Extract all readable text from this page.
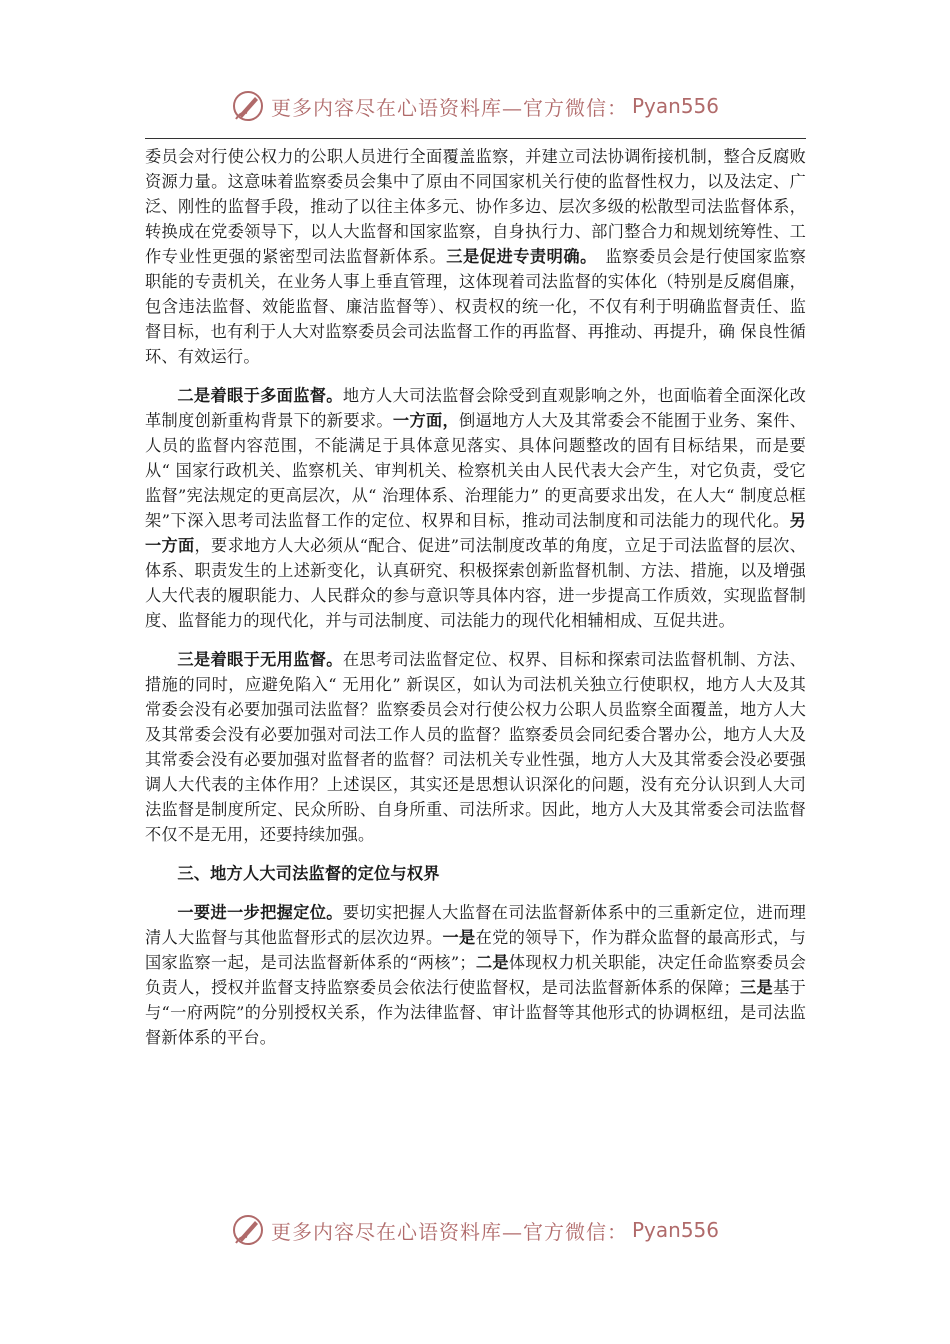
更多内容尽在心语资料库—官方微信： Pyan556

委员会对行使公权力的公职人员进行全面覆盖监察，并建立司法协调衔接机制，整合反腐败资源力量。这意味着监察委员会集中了原由不同国家机关行使的监督性权力，以及法定、广泛、刚性的监督手段，推动了以往主体多元、协作多边、层次多级的松散型司法监督体系，转换成在党委领导下，以人大监督和国家监察，自身执行力、部门整合力和规划统筹性、工作专业性更强的紧密型司法监督新体系。三是促进专责明确。　监察委员会是行使国家监察职能的专责机关，在业务人事上垂直管理，这体现着司法监督的实体化（特别是反腐倡廉，包含违法监督、效能监督、廉洁监督等）、权责权的统一化，不仅有利于明确监督责任、监督目标，也有利于人大对监察委员会司法监督工作的再监督、再推动、再提升，确 保良性循环、有效运行。

二是着眼于多面监督。地方人大司法监督会除受到直观影响之外，也面临着全面深化改革制度创新重构背景下的新要求。一方面，倒逼地方人大及其常委会不能囿于业务、案件、人员的监督内容范围，不能满足于具体意见落实、具体问题整改的固有目标结果，而是要从“ 国家行政机关、监察机关、审判机关、检察机关由人民代表大会产生，对它负责，受它监督”宪法规定的更高层次，从“ 治理体系、治理能力” 的更高要求出发，在人大“ 制度总框架”下深入思考司法监督工作的定位、权界和目标，推动司法制度和司法能力的现代化。另一方面，要求地方人大必须从“配合、促进”司法制度改革的角度，立足于司法监督的层次、体系、职责发生的上述新变化，认真研究、积极探索创新监督机制、方法、措施，以及增强人大代表的履职能力、人民群众的参与意识等具体内容，进一步提高工作质效，实现监督制度、监督能力的现代化，并与司法制度、司法能力的现代化相辅相成、互促共进。

三是着眼于无用监督。在思考司法监督定位、权界、目标和探索司法监督机制、方法、措施的同时，应避免陷入“ 无用化” 新误区，如认为司法机关独立行使职权，地方人大及其常委会没有必要加强司法监督？监察委员会对行使公权力公职人员监察全面覆盖，地方人大及其常委会没有必要加强对司法工作人员的监督？监察委员会同纪委合署办公，地方人大及其常委会没有必要加强对监督者的监督？司法机关专业性强，地方人大及其常委会没必要强调人大代表的主体作用？上述误区，其实还是思想认识深化的问题，没有充分认识到人大司法监督是制度所定、民众所盼、自身所重、司法所求。因此，地方人大及其常委会司法监督不仅不是无用，还要持续加强。

三、地方人大司法监督的定位与权界

一要进一步把握定位。要切实把握人大监督在司法监督新体系中的三重新定位，进而理清人大监督与其他监督形式的层次边界。一是在党的领导下，作为群众监督的最高形式，与国家监察一起，是司法监督新体系的“两核”；二是体现权力机关职能，决定任命监察委员会负责人，授权并监督支持监察委员会依法行使监督权，是司法监督新体系的保障；三是基于与“一府两院”的分别授权关系，作为法律监督、审计监督等其他形式的协调枢纽，是司法监督新体系的平台。

更多内容尽在心语资料库—官方微信： Pyan556
